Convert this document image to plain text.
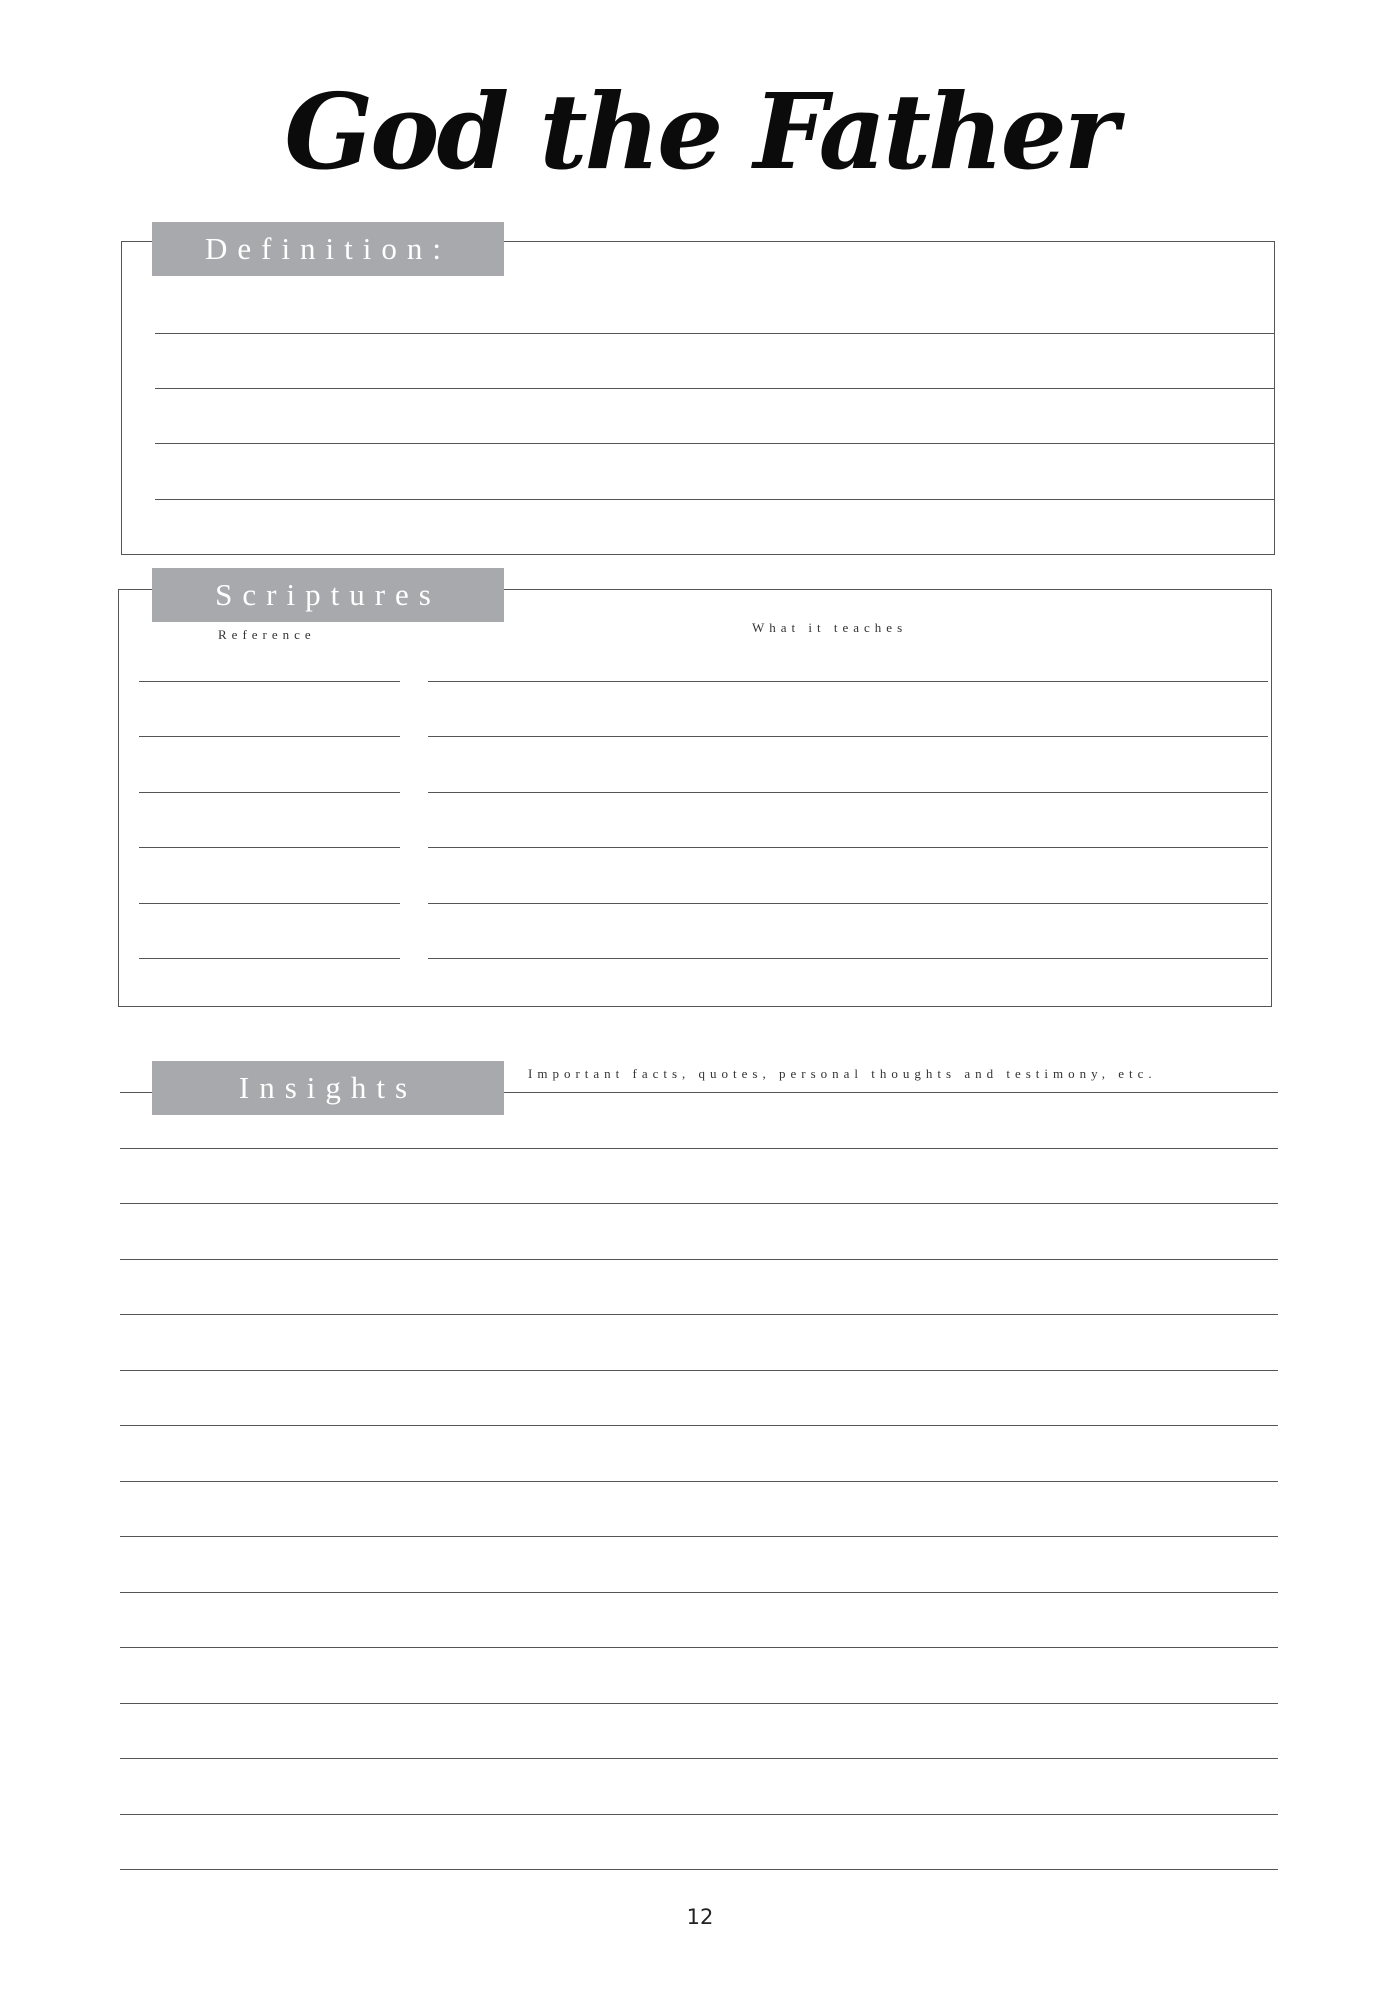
God the Father
Definition:
Scriptures
Reference	What it teaches
Insights	Important facts, quotes, personal thoughts and testimony, etc.
12
